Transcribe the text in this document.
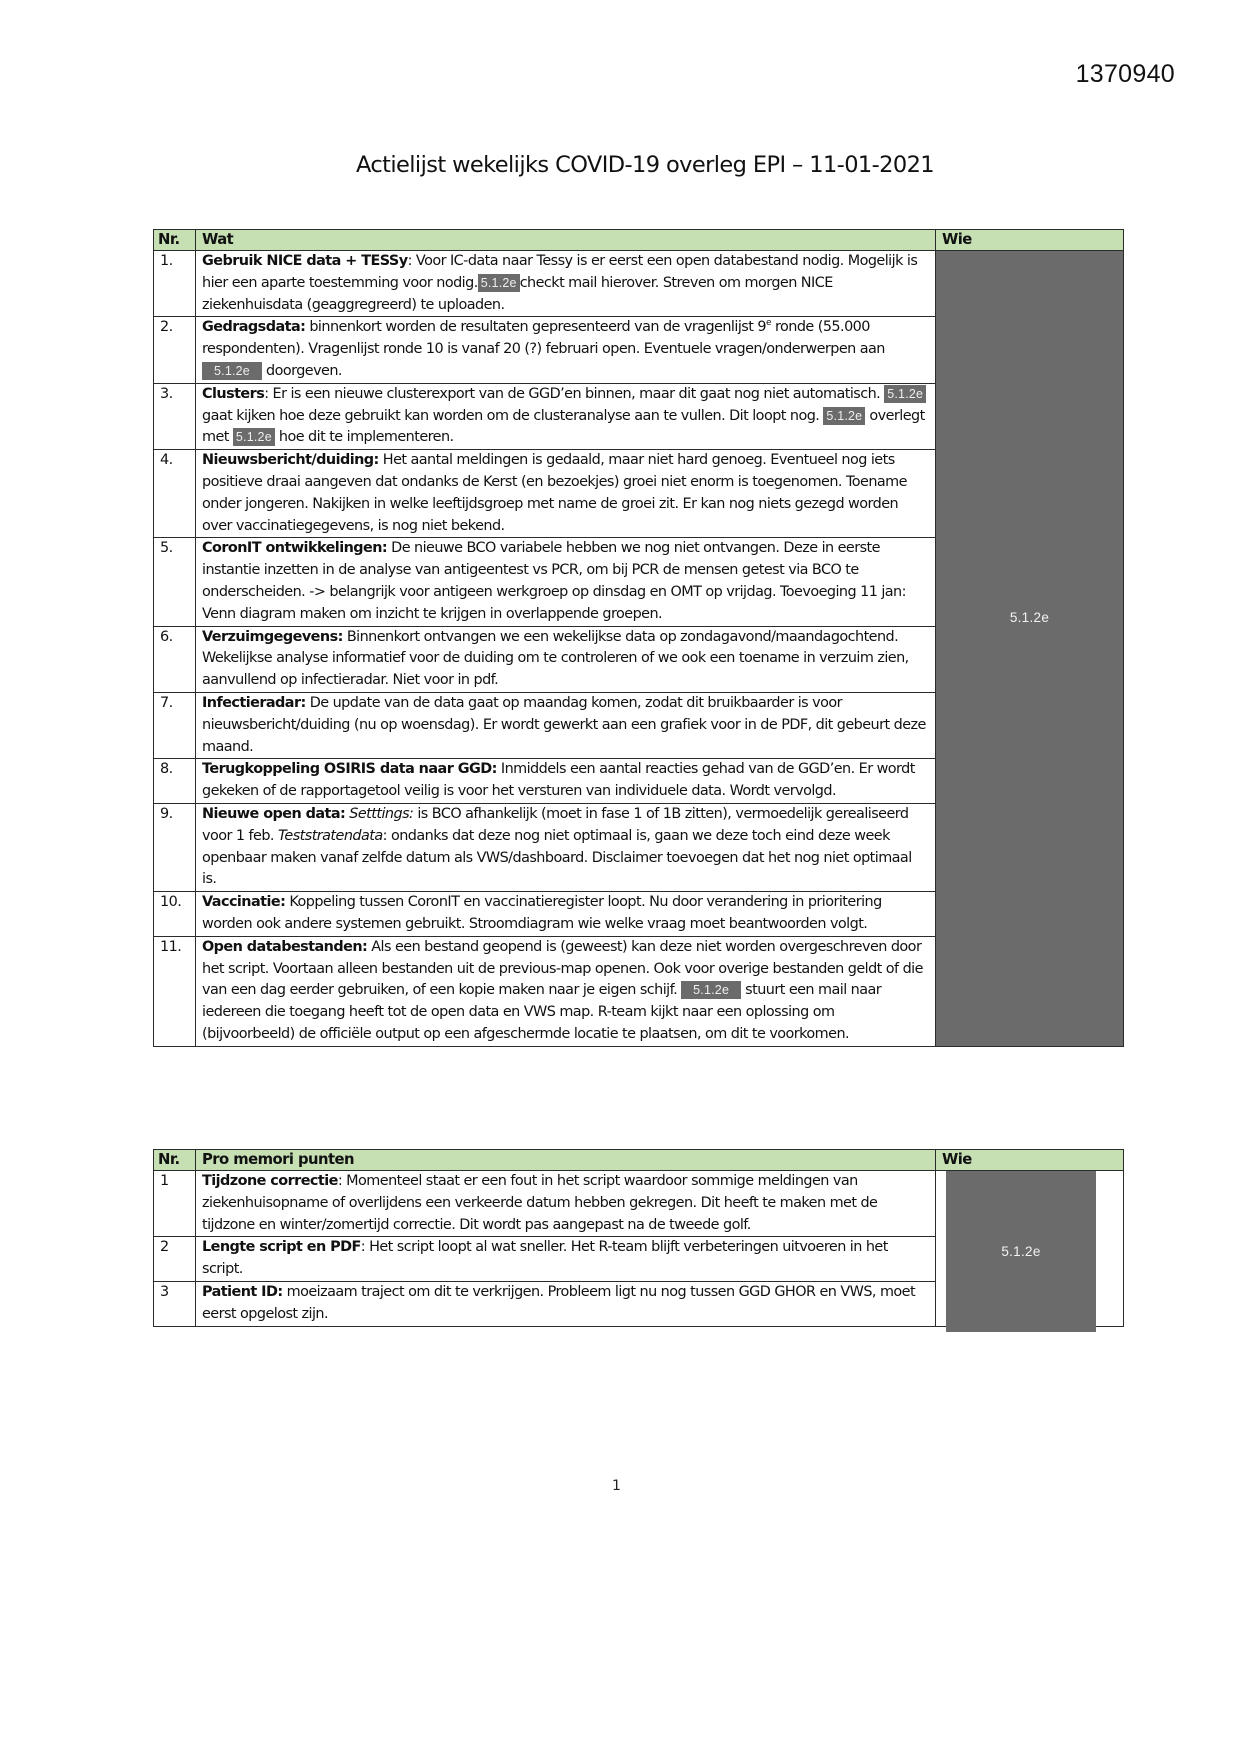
1370940
Actielijst wekelijks COVID-19 overleg EPI – 11-01-2021
Nr.	Wat	Wie
1.	Gebruik NICE data + TESSy: Voor IC-data naar Tessy is er eerst een open databestand nodig. Mogelijk is hier een aparte toestemming voor nodig. 5.1.2e checkt mail hierover. Streven om morgen NICE ziekenhuisdata (geaggregreerd) te uploaden.	5.1.2e

2.	Gedragsdata: binnenkort worden de resultaten gepresenteerd van de vragenlijst 9e ronde (55.000 respondenten). Vragenlijst ronde 10 is vanaf 20 (?) februari open. Eventuele vragen/onderwerpen aan 5.1.2e doorgeven.	
3.	Clusters: Er is een nieuwe clusterexport van de GGD’en binnen, maar dit gaat nog niet automatisch. 5.1.2e gaat kijken hoe deze gebruikt kan worden om de clusteranalyse aan te vullen. Dit loopt nog. 5.1.2e overlegt met 5.1.2e hoe dit te implementeren.	
4.	Nieuwsbericht/duiding: Het aantal meldingen is gedaald, maar niet hard genoeg. Eventueel nog iets positieve draai aangeven dat ondanks de Kerst (en bezoekjes) groei niet enorm is toegenomen. Toename onder jongeren. Nakijken in welke leeftijdsgroep met name de groei zit. Er kan nog niets gezegd worden over vaccinatiegegevens, is nog niet bekend.	
5.	CoronIT ontwikkelingen: De nieuwe BCO variabele hebben we nog niet ontvangen. Deze in eerste instantie inzetten in de analyse van antigeentest vs PCR, om bij PCR de mensen getest via BCO te onderscheiden. -> belangrijk voor antigeen werkgroep op dinsdag en OMT op vrijdag. Toevoeging 11 jan: Venn diagram maken om inzicht te krijgen in overlappende groepen.	
6.	Verzuimgegevens: Binnenkort ontvangen we een wekelijkse data op zondagavond/maandagochtend. Wekelijkse analyse informatief voor de duiding om te controleren of we ook een toename in verzuim zien, aanvullend op infectieradar. Niet voor in pdf.	
7.	Infectieradar: De update van de data gaat op maandag komen, zodat dit bruikbaarder is voor nieuwsbericht/duiding (nu op woensdag). Er wordt gewerkt aan een grafiek voor in de PDF, dit gebeurt deze maand.	
8.	Terugkoppeling OSIRIS data naar GGD: Inmiddels een aantal reacties gehad van de GGD’en. Er wordt gekeken of de rapportagetool veilig is voor het versturen van individuele data. Wordt vervolgd.	
9.	Nieuwe open data: Setttings: is BCO afhankelijk (moet in fase 1 of 1B zitten), vermoedelijk gerealiseerd voor 1 feb. Teststratendata: ondanks dat deze nog niet optimaal is, gaan we deze toch eind deze week openbaar maken vanaf zelfde datum als VWS/dashboard. Disclaimer toevoegen dat het nog niet optimaal is.	
10.	Vaccinatie: Koppeling tussen CoronIT en vaccinatieregister loopt. Nu door verandering in prioritering worden ook andere systemen gebruikt. Stroomdiagram wie welke vraag moet beantwoorden volgt.	
11.	Open databestanden: Als een bestand geopend is (geweest) kan deze niet worden overgeschreven door het script. Voortaan alleen bestanden uit de previous-map openen. Ook voor overige bestanden geldt of die van een dag eerder gebruiken, of een kopie maken naar je eigen schijf. 5.1.2e stuurt een mail naar iedereen die toegang heeft tot de open data en VWS map. R-team kijkt naar een oplossing om (bijvoorbeeld) de officiële output op een afgeschermde locatie te plaatsen, om dit te voorkomen.	
Nr.	Pro memori punten	Wie
1	Tijdzone correctie: Momenteel staat er een fout in het script waardoor sommige meldingen van ziekenhuisopname of overlijdens een verkeerde datum hebben gekregen. Dit heeft te maken met de tijdzone en winter/zomertijd correctie. Dit wordt pas aangepast na de tweede golf.	5.1.2e

2	Lengte script en PDF: Het script loopt al wat sneller. Het R-team blijft verbeteringen uitvoeren in het script.	
3	Patient ID: moeizaam traject om dit te verkrijgen. Probleem ligt nu nog tussen GGD GHOR en VWS, moet eerst opgelost zijn.	
1
